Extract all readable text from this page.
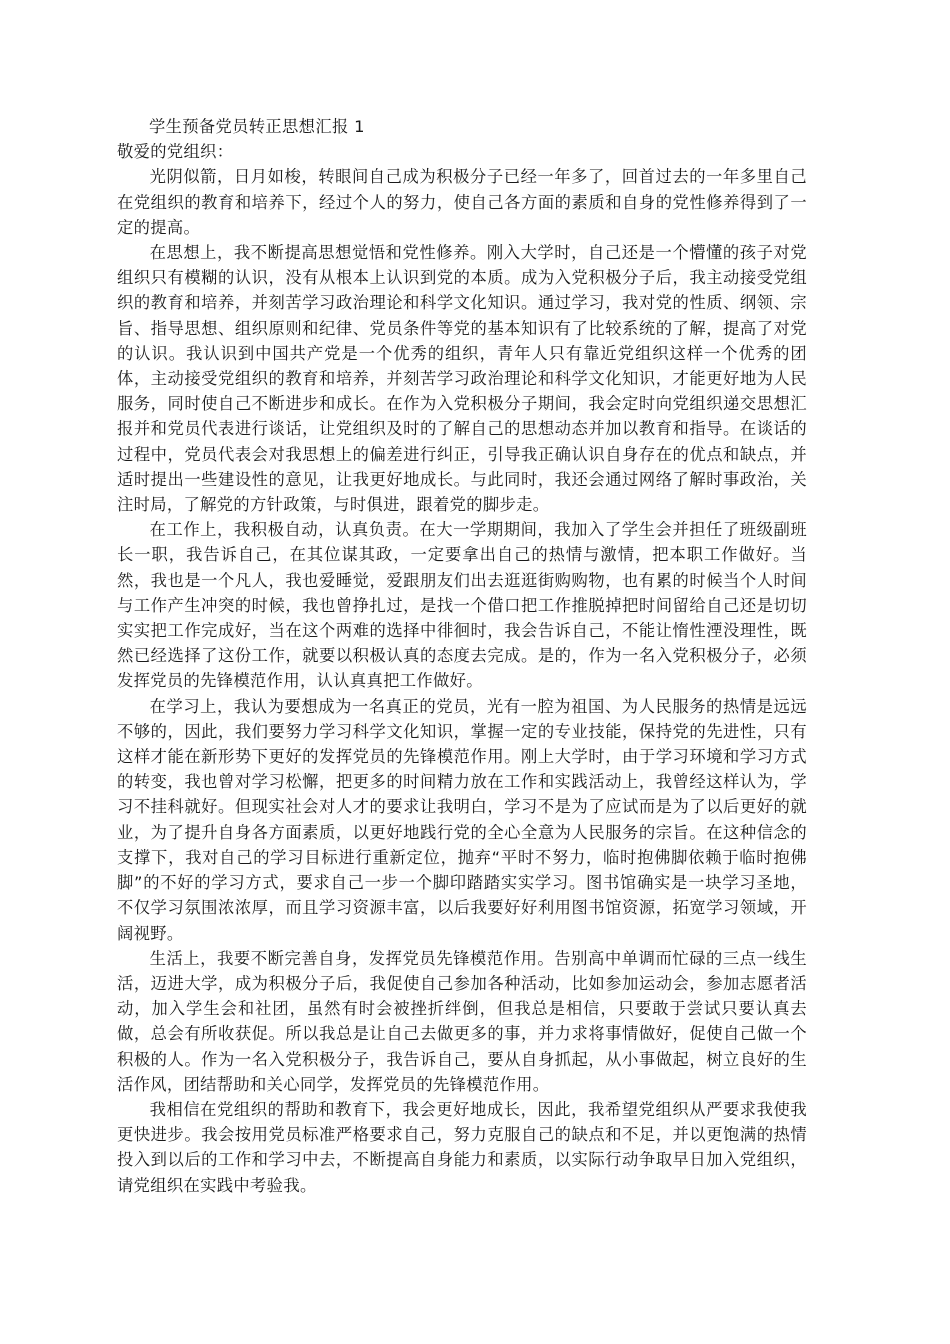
学生预备党员转正思想汇报 1

敬爱的党组织：

光阴似箭，日月如梭，转眼间自己成为积极分子已经一年多了，回首过去的一年多里自己在党组织的教育和培养下，经过个人的努力，使自己各方面的素质和自身的党性修养得到了一定的提高。

在思想上，我不断提高思想觉悟和党性修养。刚入大学时，自己还是一个懵懂的孩子对党组织只有模糊的认识，没有从根本上认识到党的本质。成为入党积极分子后，我主动接受党组织的教育和培养，并刻苦学习政治理论和科学文化知识。通过学习，我对党的性质、纲领、宗旨、指导思想、组织原则和纪律、党员条件等党的基本知识有了比较系统的了解，提高了对党的认识。我认识到中国共产党是一个优秀的组织，青年人只有靠近党组织这样一个优秀的团体，主动接受党组织的教育和培养，并刻苦学习政治理论和科学文化知识，才能更好地为人民服务，同时使自己不断进步和成长。在作为入党积极分子期间，我会定时向党组织递交思想汇报并和党员代表进行谈话，让党组织及时的了解自己的思想动态并加以教育和指导。在谈话的过程中，党员代表会对我思想上的偏差进行纠正，引导我正确认识自身存在的优点和缺点，并适时提出一些建设性的意见，让我更好地成长。与此同时，我还会通过网络了解时事政治，关注时局，了解党的方针政策，与时俱进，跟着党的脚步走。

在工作上，我积极自动，认真负责。在大一学期期间，我加入了学生会并担任了班级副班长一职，我告诉自己，在其位谋其政，一定要拿出自己的热情与激情，把本职工作做好。当然，我也是一个凡人，我也爱睡觉，爱跟朋友们出去逛逛街购购物，也有累的时候当个人时间与工作产生冲突的时候，我也曾挣扎过，是找一个借口把工作推脱掉把时间留给自己还是切切实实把工作完成好，当在这个两难的选择中徘徊时，我会告诉自己，不能让惰性湮没理性，既然已经选择了这份工作，就要以积极认真的态度去完成。是的，作为一名入党积极分子，必须发挥党员的先锋模范作用，认认真真把工作做好。

在学习上，我认为要想成为一名真正的党员，光有一腔为祖国、为人民服务的热情是远远不够的，因此，我们要努力学习科学文化知识，掌握一定的专业技能，保持党的先进性，只有这样才能在新形势下更好的发挥党员的先锋模范作用。刚上大学时，由于学习环境和学习方式的转变，我也曾对学习松懈，把更多的时间精力放在工作和实践活动上，我曾经这样认为，学习不挂科就好。但现实社会对人才的要求让我明白，学习不是为了应试而是为了以后更好的就业，为了提升自身各方面素质，以更好地践行党的全心全意为人民服务的宗旨。在这种信念的支撑下，我对自己的学习目标进行重新定位，抛弃“平时不努力，临时抱佛脚依赖于临时抱佛脚”的不好的学习方式，要求自己一步一个脚印踏踏实实学习。图书馆确实是一块学习圣地，不仅学习氛围浓浓厚，而且学习资源丰富，以后我要好好利用图书馆资源，拓宽学习领域，开阔视野。

生活上，我要不断完善自身，发挥党员先锋模范作用。告别高中单调而忙碌的三点一线生活，迈进大学，成为积极分子后，我促使自己参加各种活动，比如参加运动会，参加志愿者活动，加入学生会和社团，虽然有时会被挫折绊倒，但我总是相信，只要敢于尝试只要认真去做，总会有所收获促。所以我总是让自己去做更多的事，并力求将事情做好，促使自己做一个积极的人。作为一名入党积极分子，我告诉自己，要从自身抓起，从小事做起，树立良好的生活作风，团结帮助和关心同学，发挥党员的先锋模范作用。

我相信在党组织的帮助和教育下，我会更好地成长，因此，我希望党组织从严要求我使我更快进步。我会按用党员标准严格要求自己，努力克服自己的缺点和不足，并以更饱满的热情投入到以后的工作和学习中去，不断提高自身能力和素质，以实际行动争取早日加入党组织，请党组织在实践中考验我。
